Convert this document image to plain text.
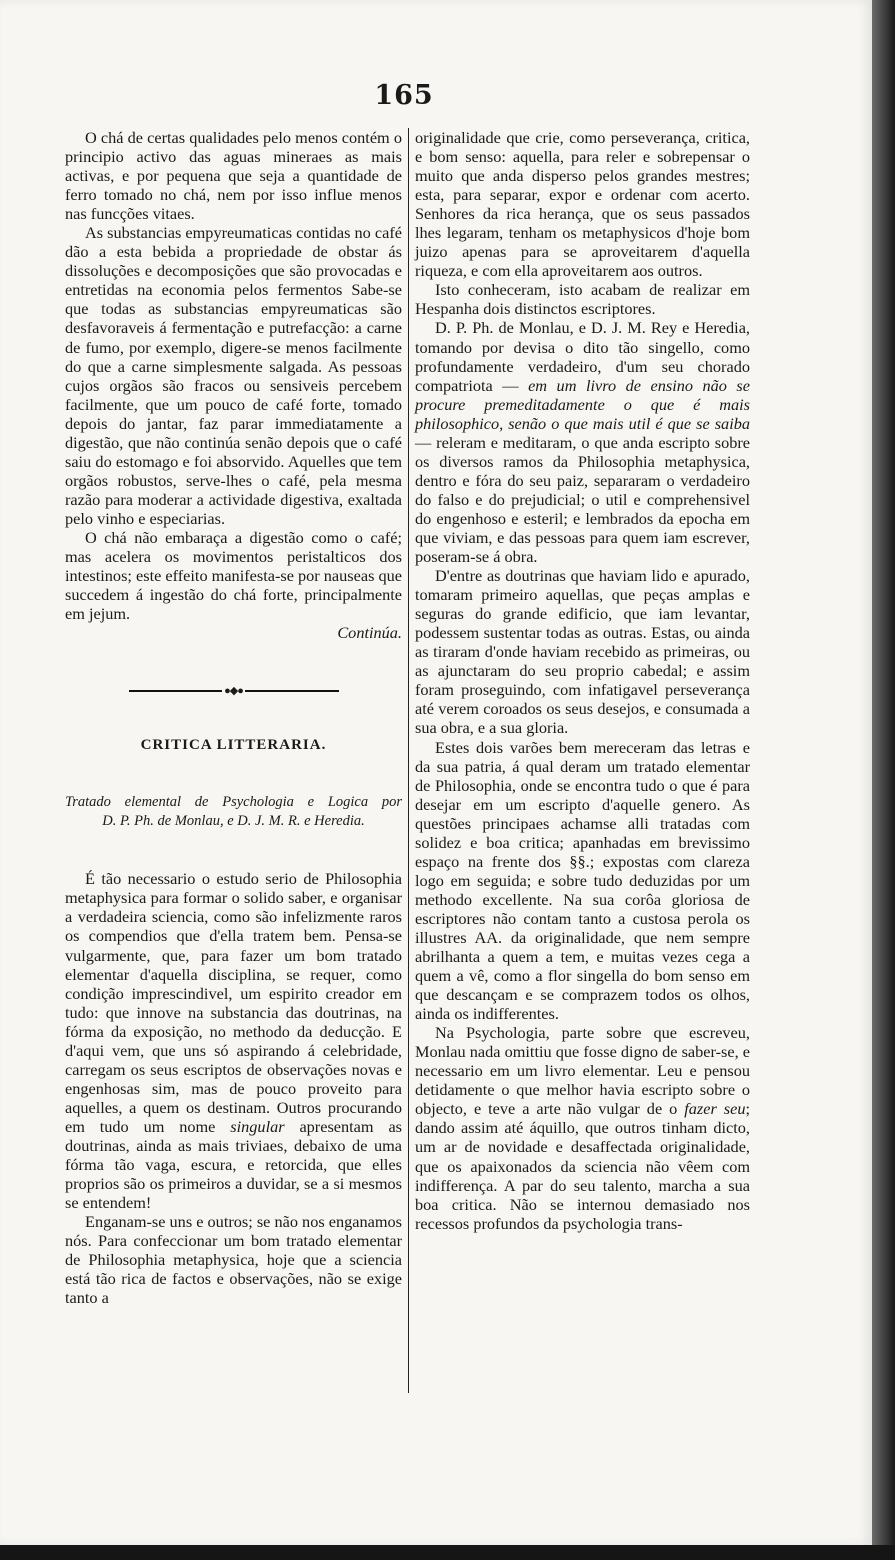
165

O chá de certas qualidades pelo menos contém o principio activo das aguas mineraes as mais activas, e por pequena que seja a quantidade de ferro tomado no chá, nem por isso influe menos nas funcções vitaes.

As substancias empyreumaticas contidas no café dão a esta bebida a propriedade de obstar ás dissoluções e decomposições que são provocadas e entretidas na economia pelos fermentos Sabe-se que todas as substancias empyreumaticas são desfavoraveis á fermentação e putrefacção: a carne de fumo, por exemplo, digere-se menos facilmente do que a carne simplesmente salgada. As pessoas cujos orgãos são fracos ou sensiveis percebem facilmente, que um pouco de café forte, tomado depois do jantar, faz parar immediatamente a digestão, que não continúa senão depois que o café saiu do estomago e foi absorvido. Aquelles que tem orgãos robustos, serve-lhes o café, pela mesma razão para moderar a actividade digestiva, exaltada pelo vinho e especiarias.

O chá não embaraça a digestão como o café; mas acelera os movimentos peristalticos dos intestinos; este effeito manifesta-se por nauseas que succedem á ingestão do chá forte, principalmente em jejum.

Continúa.

●◆●
CRITICA LITTERARIA.
Tratado elemental de Psychologia e Logica por
D. P. Ph. de Monlau, e D. J. M. R. e Heredia.

É tão necessario o estudo serio de Philosophia metaphysica para formar o solido saber, e organisar a verdadeira sciencia, como são infelizmente raros os compendios que d'ella tratem bem. Pensa-se vulgarmente, que, para fazer um bom tratado elementar d'aquella disciplina, se requer, como condição imprescindivel, um espirito creador em tudo: que innove na substancia das doutrinas, na fórma da exposição, no methodo da deducção. E d'aqui vem, que uns só aspirando á celebridade, carregam os seus escriptos de observações novas e engenhosas sim, mas de pouco proveito para aquelles, a quem os destinam. Outros procurando em tudo um nome singular apresentam as doutrinas, ainda as mais triviaes, debaixo de uma fórma tão vaga, escura, e retorcida, que elles proprios são os primeiros a duvidar, se a si mesmos se entendem!

Enganam-se uns e outros; se não nos enganamos nós. Para confeccionar um bom tratado elementar de Philosophia metaphysica, hoje que a sciencia está tão rica de factos e observações, não se exige tanto a

originalidade que crie, como perseverança, critica, e bom senso: aquella, para reler e sobrepensar o muito que anda disperso pelos grandes mestres; esta, para separar, expor e ordenar com acerto. Senhores da rica herança, que os seus passados lhes legaram, tenham os metaphysicos d'hoje bom juizo apenas para se aproveitarem d'aquella riqueza, e com ella aproveitarem aos outros.

Isto conheceram, isto acabam de realizar em Hespanha dois distinctos escriptores.

D. P. Ph. de Monlau, e D. J. M. Rey e Heredia, tomando por devisa o dito tão singello, como profundamente verdadeiro, d'um seu chorado compatriota — em um livro de ensino não se procure premeditadamente o que é mais philosophico, senão o que mais util é que se saiba — releram e meditaram, o que anda escripto sobre os diversos ramos da Philosophia metaphysica, dentro e fóra do seu paiz, separaram o verdadeiro do falso e do prejudicial; o util e comprehensivel do engenhoso e esteril; e lembrados da epocha em que viviam, e das pessoas para quem iam escrever, poseram-se á obra.

D'entre as doutrinas que haviam lido e apurado, tomaram primeiro aquellas, que peças amplas e seguras do grande edificio, que iam levantar, podessem sustentar todas as outras. Estas, ou ainda as tiraram d'onde haviam recebido as primeiras, ou as ajunctaram do seu proprio cabedal; e assim foram proseguindo, com infatigavel perseverança até verem coroados os seus desejos, e consumada a sua obra, e a sua gloria.

Estes dois varões bem mereceram das letras e da sua patria, á qual deram um tratado elementar de Philosophia, onde se encontra tudo o que é para desejar em um escripto d'aquelle genero. As questões principaes achamse alli tratadas com solidez e boa critica; apanhadas em brevissimo espaço na frente dos §§.; expostas com clareza logo em seguida; e sobre tudo deduzidas por um methodo excellente. Na sua corôa gloriosa de escriptores não contam tanto a custosa perola os illustres AA. da originalidade, que nem sempre abrilhanta a quem a tem, e muitas vezes cega a quem a vê, como a flor singella do bom senso em que descançam e se comprazem todos os olhos, ainda os indifferentes.

Na Psychologia, parte sobre que escreveu, Monlau nada omittiu que fosse digno de saber-se, e necessario em um livro elementar. Leu e pensou detidamente o que melhor havia escripto sobre o objecto, e teve a arte não vulgar de o fazer seu; dando assim até áquillo, que outros tinham dicto, um ar de novidade e desaffectada originalidade, que os apaixonados da sciencia não vêem com indifferença. A par do seu talento, marcha a sua boa critica. Não se internou demasiado nos recessos profundos da psychologia trans-
